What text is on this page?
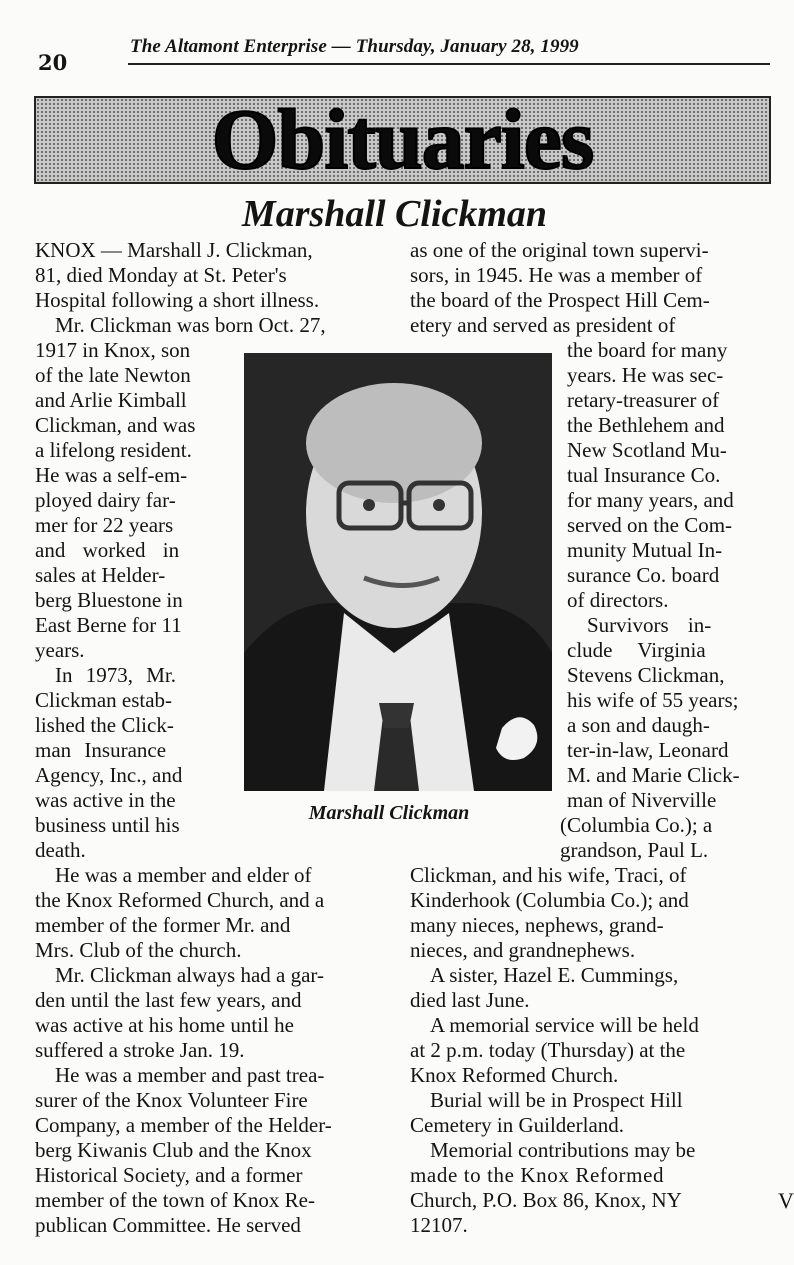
20
The Altamont Enterprise — Thursday, January 28, 1999
Obituaries
Marshall Clickman
Marshall Clickman
KNOX — Marshall J. Clickman,
81, died Monday at St. Peter's
Hospital following a short illness.
Mr. Clickman was born Oct. 27,
1917 in Knox, son
of the late Newton
and Arlie Kimball
Clickman, and was
a lifelong resident.
He was a self-em-
ployed dairy far-
mer for 22 years
and worked in
sales at Helder-
berg Bluestone in
East Berne for 11
years.
In 1973, Mr.
Clickman estab-
lished the Click-
man Insurance
Agency, Inc., and
was active in the
business until his
death.
He was a member and elder of
the Knox Reformed Church, and a
member of the former Mr. and
Mrs. Club of the church.
Mr. Clickman always had a gar-
den until the last few years, and
was active at his home until he
suffered a stroke Jan. 19.
He was a member and past trea-
surer of the Knox Volunteer Fire
Company, a member of the Helder-
berg Kiwanis Club and the Knox
Historical Society, and a former
member of the town of Knox Re-
publican Committee. He served
as one of the original town supervi-
sors, in 1945. He was a member of
the board of the Prospect Hill Cem-
etery and served as president of
the board for many
years. He was sec-
retary-treasurer of
the Bethlehem and
New Scotland Mu-
tual Insurance Co.
for many years, and
served on the Com-
munity Mutual In-
surance Co. board
of directors.
Survivors in-
clude Virginia
Stevens Clickman,
his wife of 55 years;
a son and daugh-
ter-in-law, Leonard
M. and Marie Click-
man of Niverville
(Columbia Co.); a
grandson, Paul L.
Clickman, and his wife, Traci, of
Kinderhook (Columbia Co.); and
many nieces, nephews, grand-
nieces, and grandnephews.
A sister, Hazel E. Cummings,
died last June.
A memorial service will be held
at 2 p.m. today (Thursday) at the
Knox Reformed Church.
Burial will be in Prospect Hill
Cemetery in Guilderland.
Memorial contributions may be
made to the Knox Reformed
Church, P.O. Box 86, Knox, NY
12107.
V
